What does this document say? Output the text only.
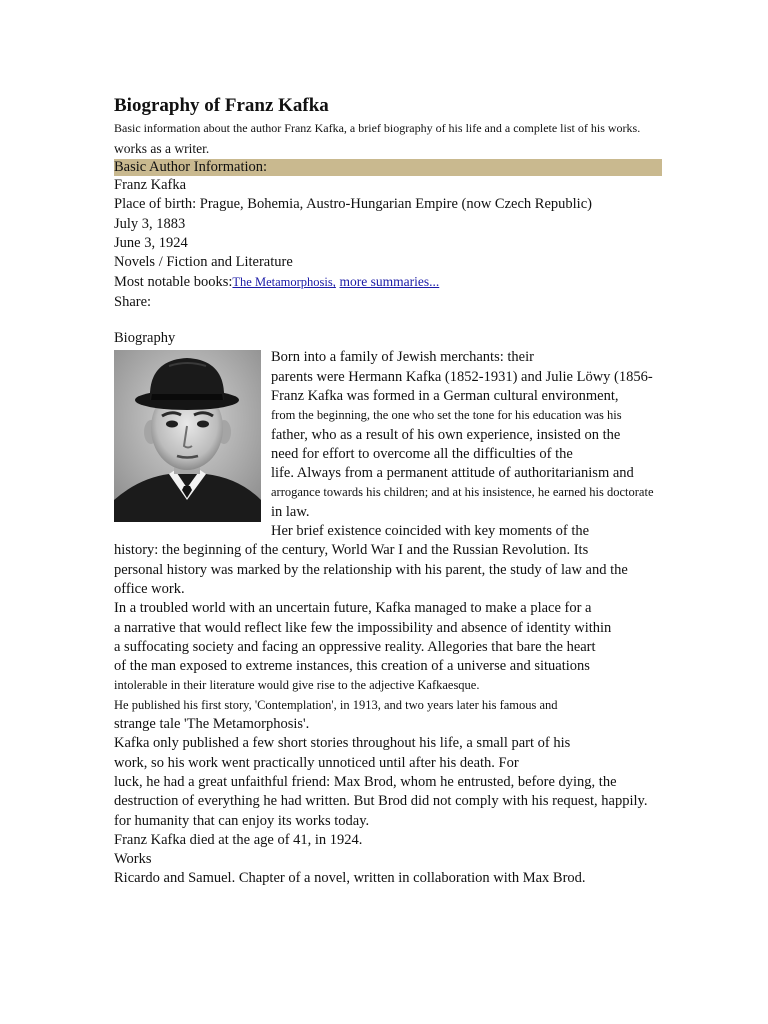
Biography of Franz Kafka
Basic information about the author Franz Kafka, a brief biography of his life and a complete list of his works.
works as a writer.
Basic Author Information:
Franz Kafka
Place of birth: Prague, Bohemia, Austro-Hungarian Empire (now Czech Republic)
July 3, 1883
June 3, 1924
Novels / Fiction and Literature
Most notable books:The Metamorphosis, more summaries...
Share:
Biography

Born into a family of Jewish merchants: their

parents were Hermann Kafka (1852-1931) and Julie Löwy (1856-

Franz Kafka was formed in a German cultural environment,

from the beginning, the one who set the tone for his education was his

father, who as a result of his own experience, insisted on the

need for effort to overcome all the difficulties of the

life. Always from a permanent attitude of authoritarianism and

arrogance towards his children; and at his insistence, he earned his doctorate

in law.

Her brief existence coincided with key moments of the

history: the beginning of the century, World War I and the Russian Revolution. Its

personal history was marked by the relationship with his parent, the study of law and the

office work.

In a troubled world with an uncertain future, Kafka managed to make a place for a

a narrative that would reflect like few the impossibility and absence of identity within

a suffocating society and facing an oppressive reality. Allegories that bare the heart

of the man exposed to extreme instances, this creation of a universe and situations

intolerable in their literature would give rise to the adjective Kafkaesque.

He published his first story, 'Contemplation', in 1913, and two years later his famous and

strange tale 'The Metamorphosis'.

Kafka only published a few short stories throughout his life, a small part of his

work, so his work went practically unnoticed until after his death. For

luck, he had a great unfaithful friend: Max Brod, whom he entrusted, before dying, the

destruction of everything he had written. But Brod did not comply with his request, happily.

for humanity that can enjoy its works today.

Franz Kafka died at the age of 41, in 1924.

Works

Ricardo and Samuel. Chapter of a novel, written in collaboration with Max Brod.
